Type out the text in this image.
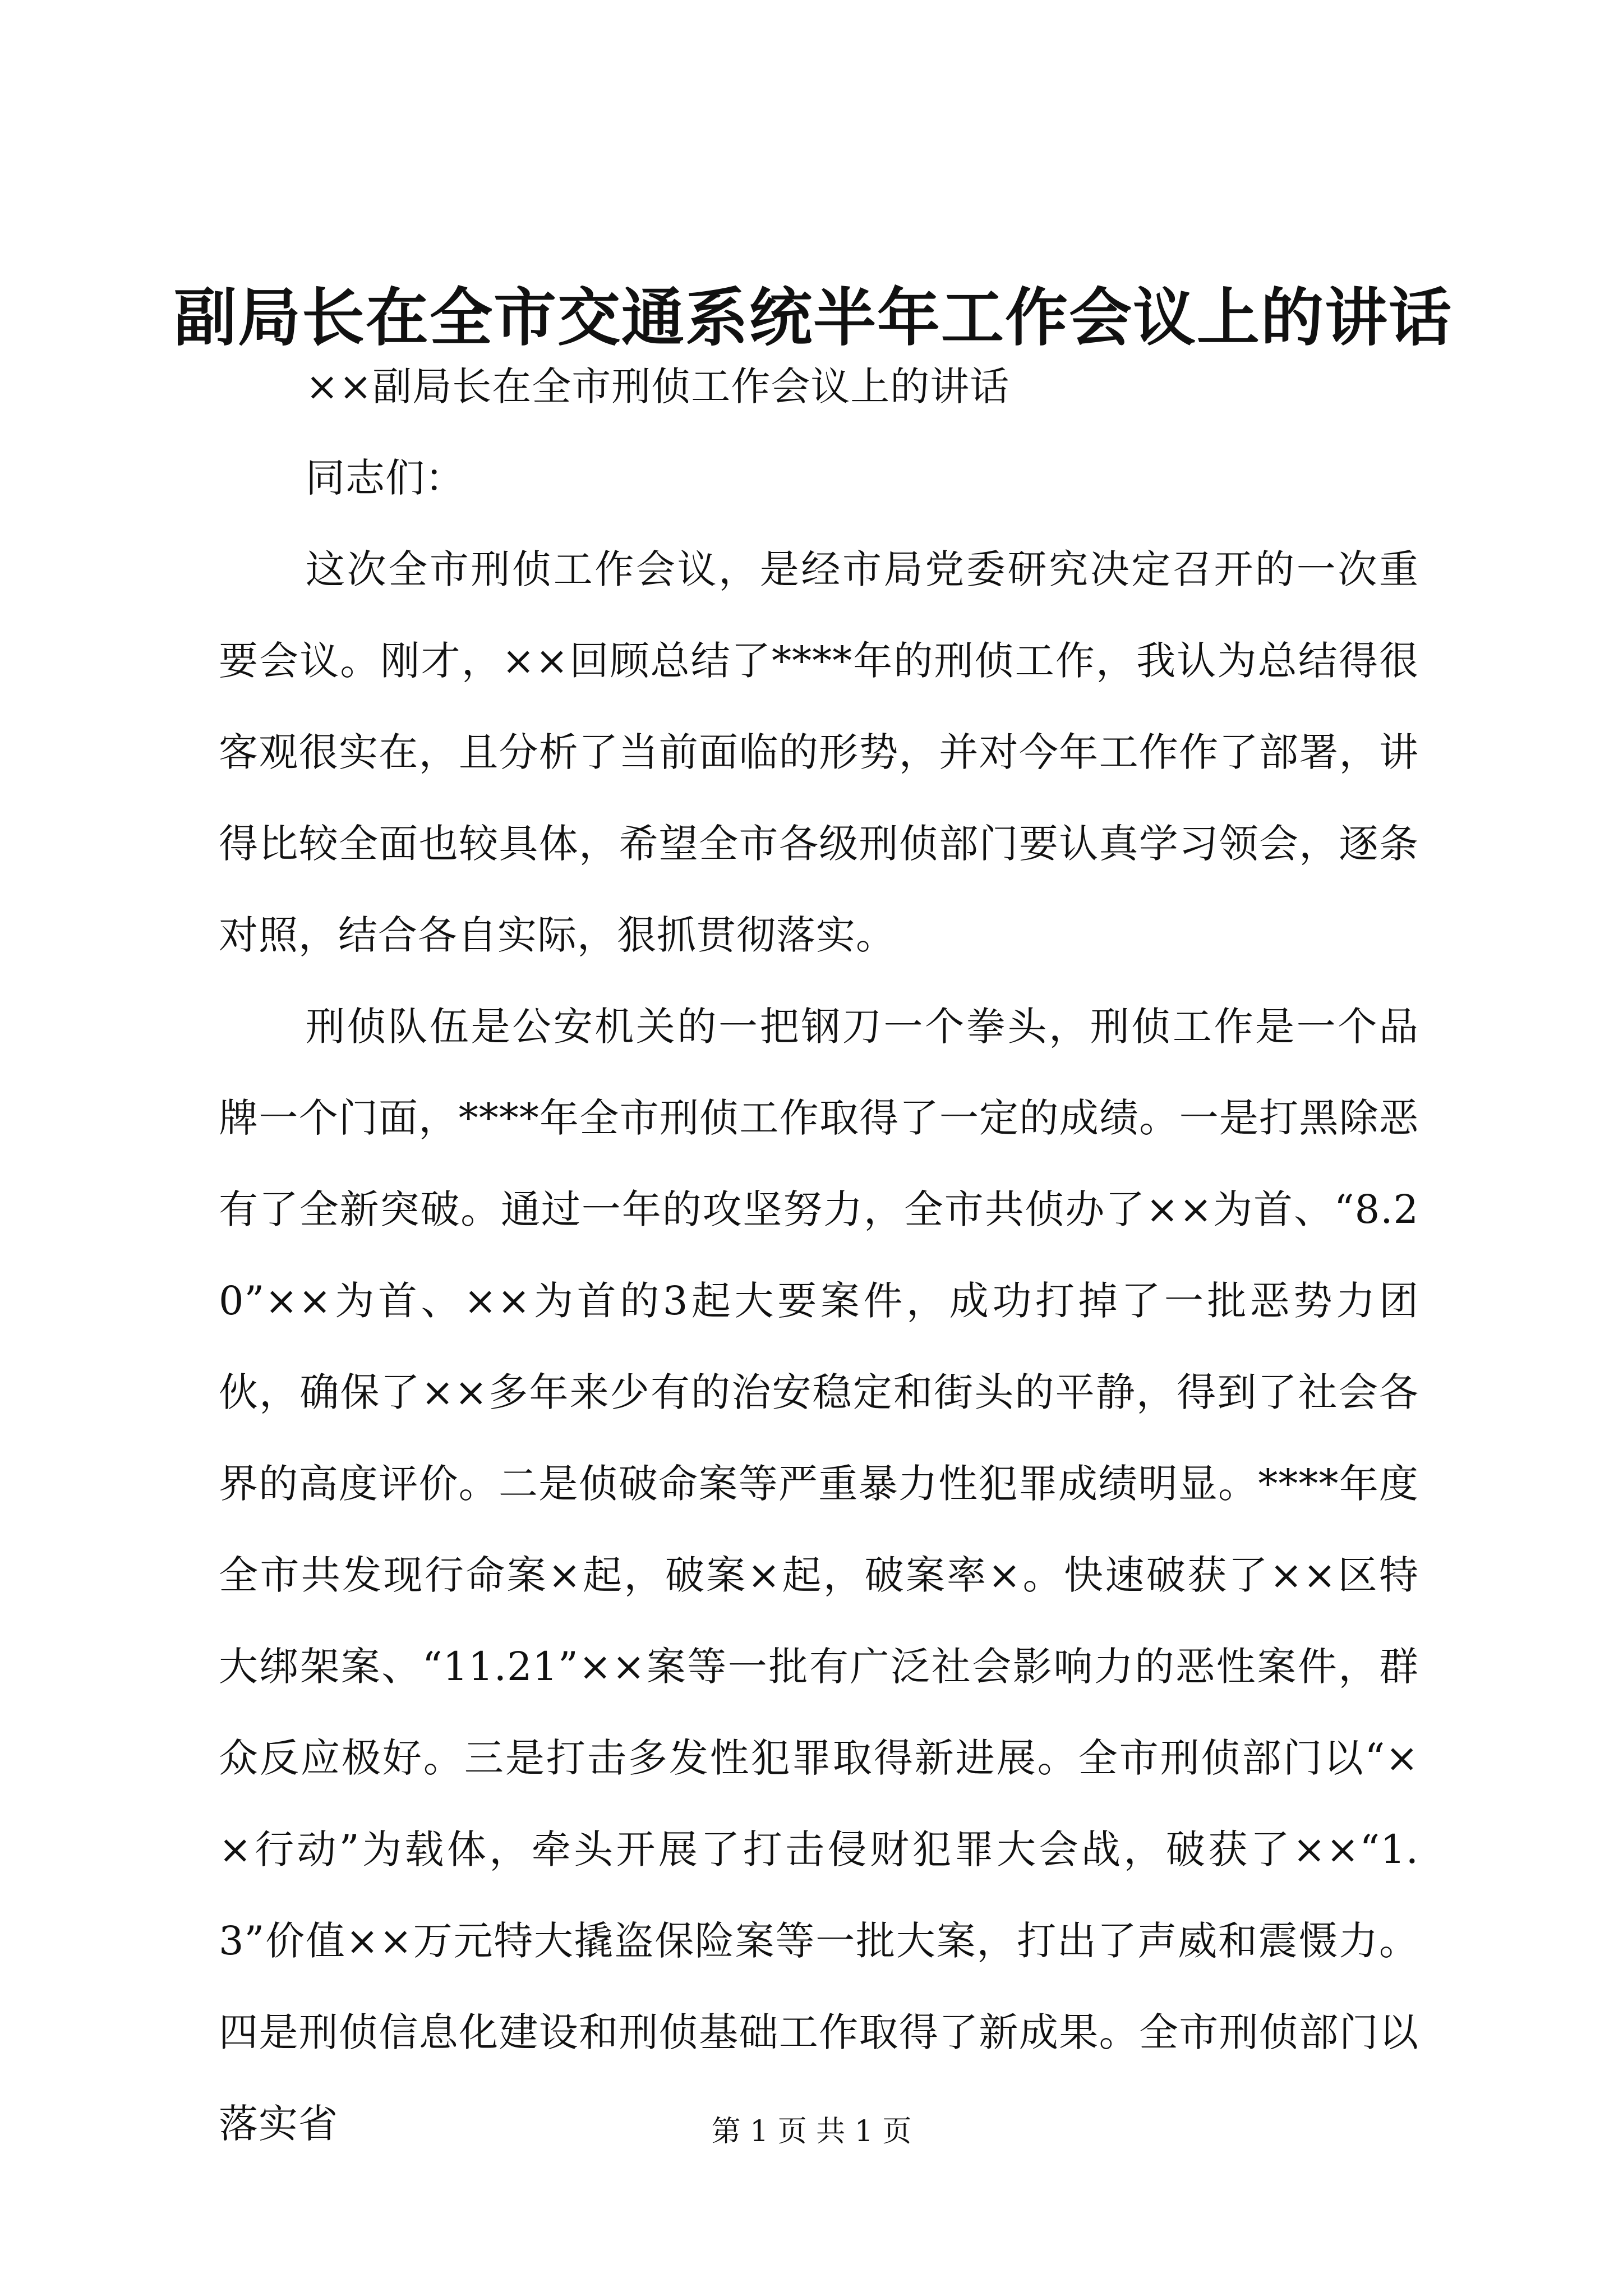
副局长在全市交通系统半年工作会议上的讲话

××副局长在全市刑侦工作会议上的讲话

同志们：

这次全市刑侦工作会议，是经市局党委研究决定召开的一次重要会议。刚才，××回顾总结了****年的刑侦工作，我认为总结得很客观很实在，且分析了当前面临的形势，并对今年工作作了部署，讲得比较全面也较具体，希望全市各级刑侦部门要认真学习领会，逐条对照，结合各自实际，狠抓贯彻落实。

刑侦队伍是公安机关的一把钢刀一个拳头，刑侦工作是一个品牌一个门面，****年全市刑侦工作取得了一定的成绩。一是打黑除恶有了全新突破。通过一年的攻坚努力，全市共侦办了××为首、“8.20”××为首、××为首的3起大要案件，成功打掉了一批恶势力团伙，确保了××多年来少有的治安稳定和街头的平静，得到了社会各界的高度评价。二是侦破命案等严重暴力性犯罪成绩明显。****年度全市共发现行命案×起，破案×起，破案率×。快速破获了××区特大绑架案、“11.21”××案等一批有广泛社会影响力的恶性案件，群众反应极好。三是打击多发性犯罪取得新进展。全市刑侦部门以“××行动”为载体，牵头开展了打击侵财犯罪大会战，破获了××“1.3”价值××万元特大撬盗保险案等一批大案，打出了声威和震慑力。四是刑侦信息化建设和刑侦基础工作取得了新成果。全市刑侦部门以落实省	第 1 页 共 1 页
